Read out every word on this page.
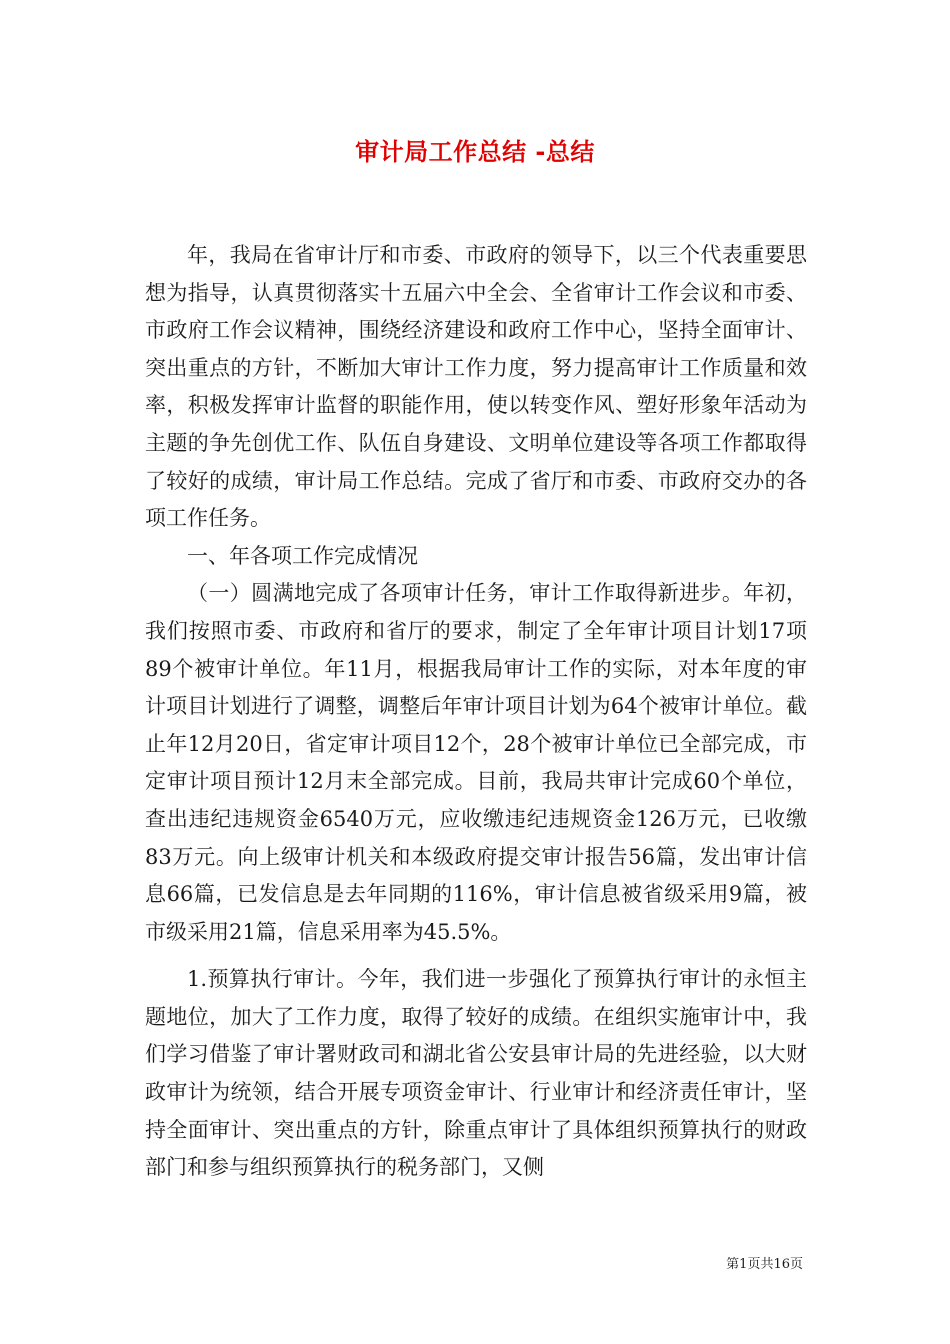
审计局工作总结 -总结

年，我局在省审计厅和市委、市政府的领导下，以三个代表重要思想为指导，认真贯彻落实十五届六中全会、全省审计工作会议和市委、市政府工作会议精神，围绕经济建设和政府工作中心，坚持全面审计、突出重点的方针，不断加大审计工作力度，努力提高审计工作质量和效率，积极发挥审计监督的职能作用，使以转变作风、塑好形象年活动为主题的争先创优工作、队伍自身建设、文明单位建设等各项工作都取得了较好的成绩，审计局工作总结。完成了省厅和市委、市政府交办的各项工作任务。

一、年各项工作完成情况

（一）圆满地完成了各项审计任务，审计工作取得新进步。年初，我们按照市委、市政府和省厅的要求，制定了全年审计项目计划17项89个被审计单位。年11月，根据我局审计工作的实际，对本年度的审计项目计划进行了调整，调整后年审计项目计划为64个被审计单位。截止年12月20日，省定审计项目12个，28个被审计单位已全部完成，市定审计项目预计12月末全部完成。目前，我局共审计完成60个单位，查出违纪违规资金6540万元，应收缴违纪违规资金126万元，已收缴83万元。向上级审计机关和本级政府提交审计报告56篇，发出审计信息66篇，已发信息是去年同期的116%，审计信息被省级采用9篇，被市级采用21篇，信息采用率为45.5%。

1.预算执行审计。今年，我们进一步强化了预算执行审计的永恒主题地位，加大了工作力度，取得了较好的成绩。在组织实施审计中，我们学习借鉴了审计署财政司和湖北省公安县审计局的先进经验，以大财政审计为统领，结合开展专项资金审计、行业审计和经济责任审计，坚持全面审计、突出重点的方针，除重点审计了具体组织预算执行的财政部门和参与组织预算执行的税务部门，又侧

第1页共16页
